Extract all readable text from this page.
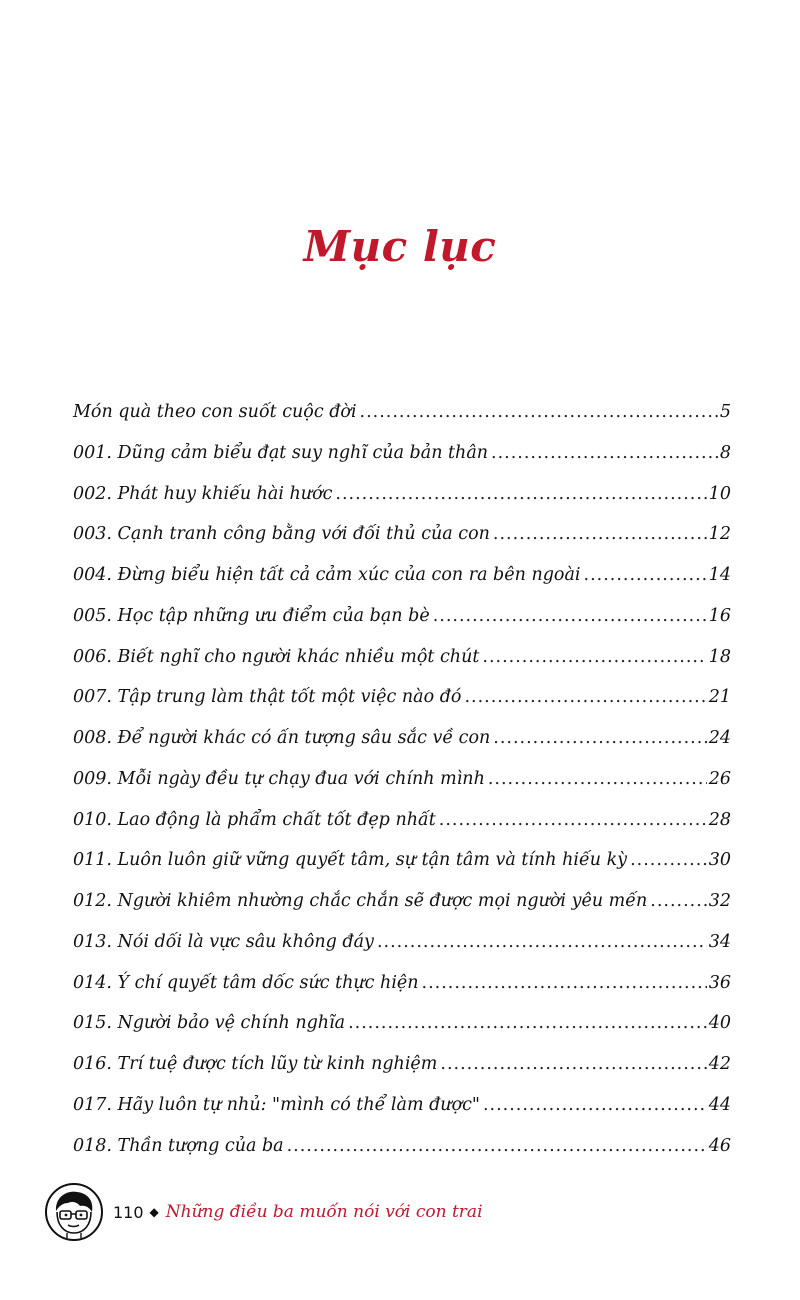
Mục lục
Món quà theo con suốt cuộc đời .....	5
001. Dũng cảm biểu đạt suy nghĩ của bản thân .....	8
002. Phát huy khiếu hài hước .....	10
003. Cạnh tranh công bằng với đối thủ của con .....	12
004. Đừng biểu hiện tất cả cảm xúc của con ra bên ngoài .....	14
005. Học tập những ưu điểm của bạn bè .....	16
006. Biết nghĩ cho người khác nhiều một chút .....	18
007. Tập trung làm thật tốt một việc nào đó .....	21
008. Để người khác có ấn tượng sâu sắc về con .....	24
009. Mỗi ngày đều tự chạy đua với chính mình .....	26
010. Lao động là phẩm chất tốt đẹp nhất .....	28
011. Luôn luôn giữ vững quyết tâm, sự tận tâm và tính hiếu kỳ .....	30
012. Người khiêm nhường chắc chắn sẽ được mọi người yêu mến .....	32
013. Nói dối là vực sâu không đáy .....	34
014. Ý chí quyết tâm dốc sức thực hiện .....	36
015. Người bảo vệ chính nghĩa .....	40
016. Trí tuệ được tích lũy từ kinh nghiệm .....	42
017. Hãy luôn tự nhủ: "mình có thể làm được" .....	44
018. Thần tượng của ba .....	46
110 ◆ Những điều ba muốn nói với con trai
